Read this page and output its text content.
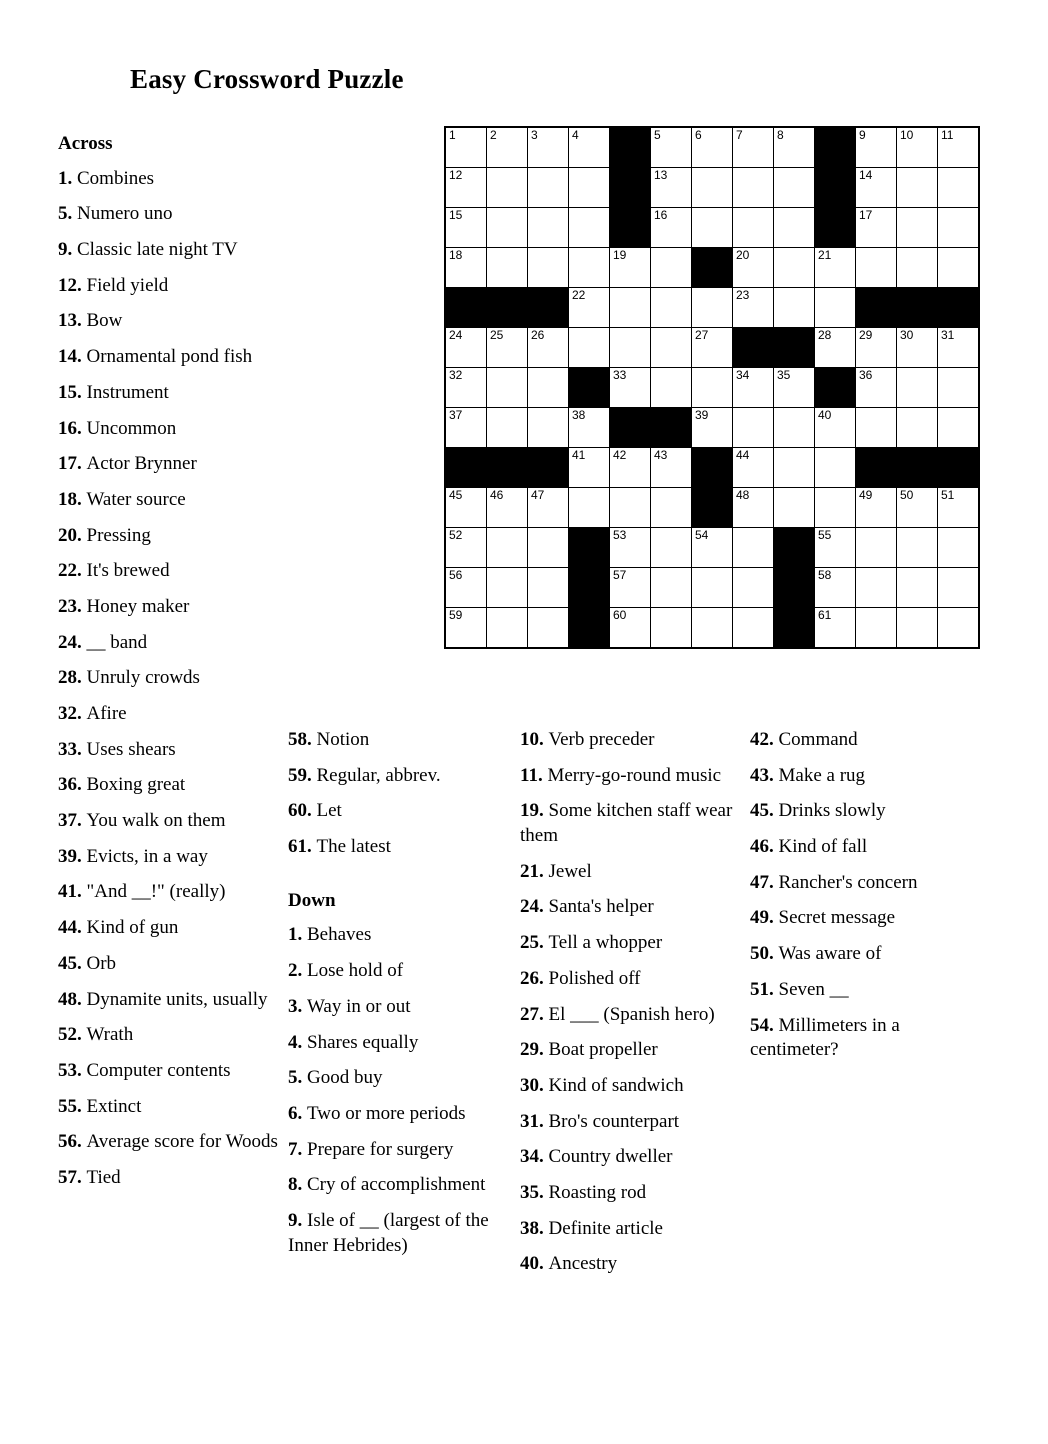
Easy Crossword Puzzle
1	2	3	4		5	6	7	8		9	10	11

12					13					14		

15					16					17		

18				19			20		21			

			22				23					

24	25	26				27			28	29	30	31

32				33			34	35		36		

37			38			39			40			

			41	42	43		44					

45	46	47					48			49	50	51

52				53		54			55			

56				57					58			

59				60					61			

Across
1. Combines
5. Numero uno
9. Classic late night TV
12. Field yield
13. Bow
14. Ornamental pond fish
15. Instrument
16. Uncommon
17. Actor Brynner
18. Water source
20. Pressing
22. It's brewed
23. Honey maker
24. __ band
28. Unruly crowds
32. Afire
33. Uses shears
36. Boxing great
37. You walk on them
39. Evicts, in a way
41. "And __!" (really)
44. Kind of gun
45. Orb
48. Dynamite units, usually
52. Wrath
53. Computer contents
55. Extinct
56. Average score for Woods
57. Tied
58. Notion
59. Regular, abbrev.
60. Let
61. The latest
Down
1. Behaves
2. Lose hold of
3. Way in or out
4. Shares equally
5. Good buy
6. Two or more periods
7. Prepare for surgery
8. Cry of accomplishment
9. Isle of __ (largest of the Inner Hebrides)
10. Verb preceder
11. Merry-go-round music
19. Some kitchen staff wear them
21. Jewel
24. Santa's helper
25. Tell a whopper
26. Polished off
27. El ___ (Spanish hero)
29. Boat propeller
30. Kind of sandwich
31. Bro's counterpart
34. Country dweller
35. Roasting rod
38. Definite article
40. Ancestry
42. Command
43. Make a rug
45. Drinks slowly
46. Kind of fall
47. Rancher's concern
49. Secret message
50. Was aware of
51. Seven __
54. Millimeters in a centimeter?
